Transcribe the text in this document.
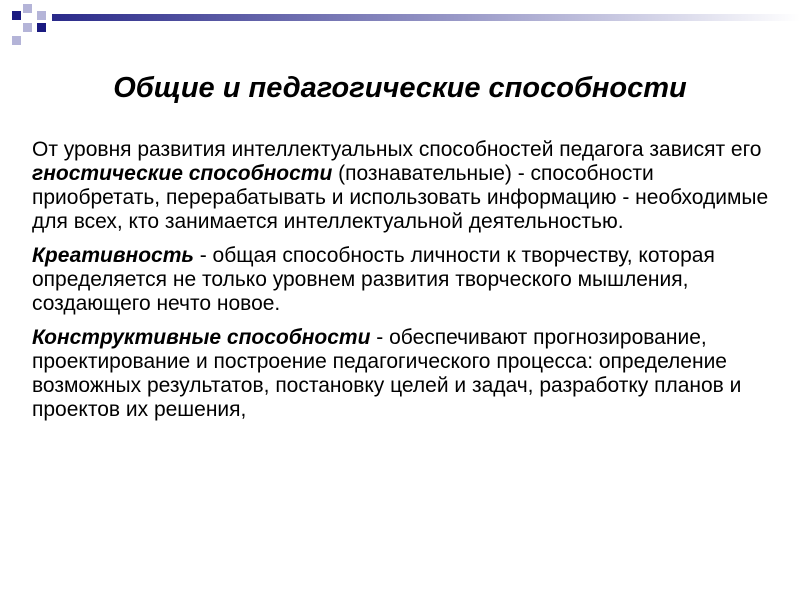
Общие и педагогические способности

От уровня развития интеллектуальных способностей педагога зависят его гностические способности (познавательные) - способности приобретать, перерабатывать и использовать информацию - необходимые для всех, кто занимается интеллектуальной деятельностью.

Креативность - общая способность личности к творчеству, которая определяется не только уровнем развития творческого мышления, создающего нечто новое.

Конструктивные способности - обеспечивают прогнозирование, проектирование и построение педагогического процесса: определение возможных результатов, постановку целей и задач, разработку планов и проектов их решения,
